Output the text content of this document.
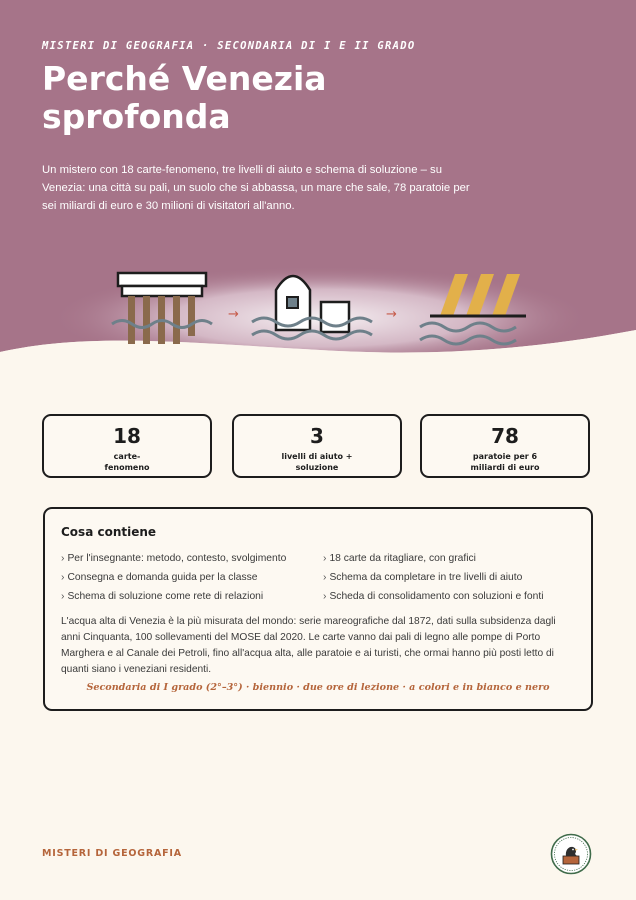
→	→
MISTERI DI GEOGRAFIA · SECONDARIA DI I E II GRADO
Perché Venezia sprofonda

Un mistero con 18 carte-fenomeno, tre livelli di aiuto e schema di soluzione – su Venezia: una città su pali, un suolo che si abbassa, un mare che sale, 78 paratoie per sei miliardi di euro e 30 milioni di visitatori all'anno.

18
carte-fenomeno
3
livelli di aiuto + soluzione
78
paratoie per 6 miliardi di euro
Cosa contiene
› Per l'insegnante: metodo, contesto, svolgimento
› Consegna e domanda guida per la classe
› Schema di soluzione come rete di relazioni
› 18 carte da ritagliare, con grafici
› Schema da completare in tre livelli di aiuto
› Scheda di consolidamento con soluzioni e fonti

L'acqua alta di Venezia è la più misurata del mondo: serie mareografiche dal 1872, dati sulla subsidenza dagli anni Cinquanta, 100 sollevamenti del MOSE dal 2020. Le carte vanno dai pali di legno alle pompe di Porto Marghera e al Canale dei Petroli, fino all'acqua alta, alle paratoie e ai turisti, che ormai hanno più posti letto di quanti siano i veneziani residenti.

Secondaria di I grado (2°–3°) · biennio · due ore di lezione · a colori e in bianco e nero
MISTERI DI GEOGRAFIA
